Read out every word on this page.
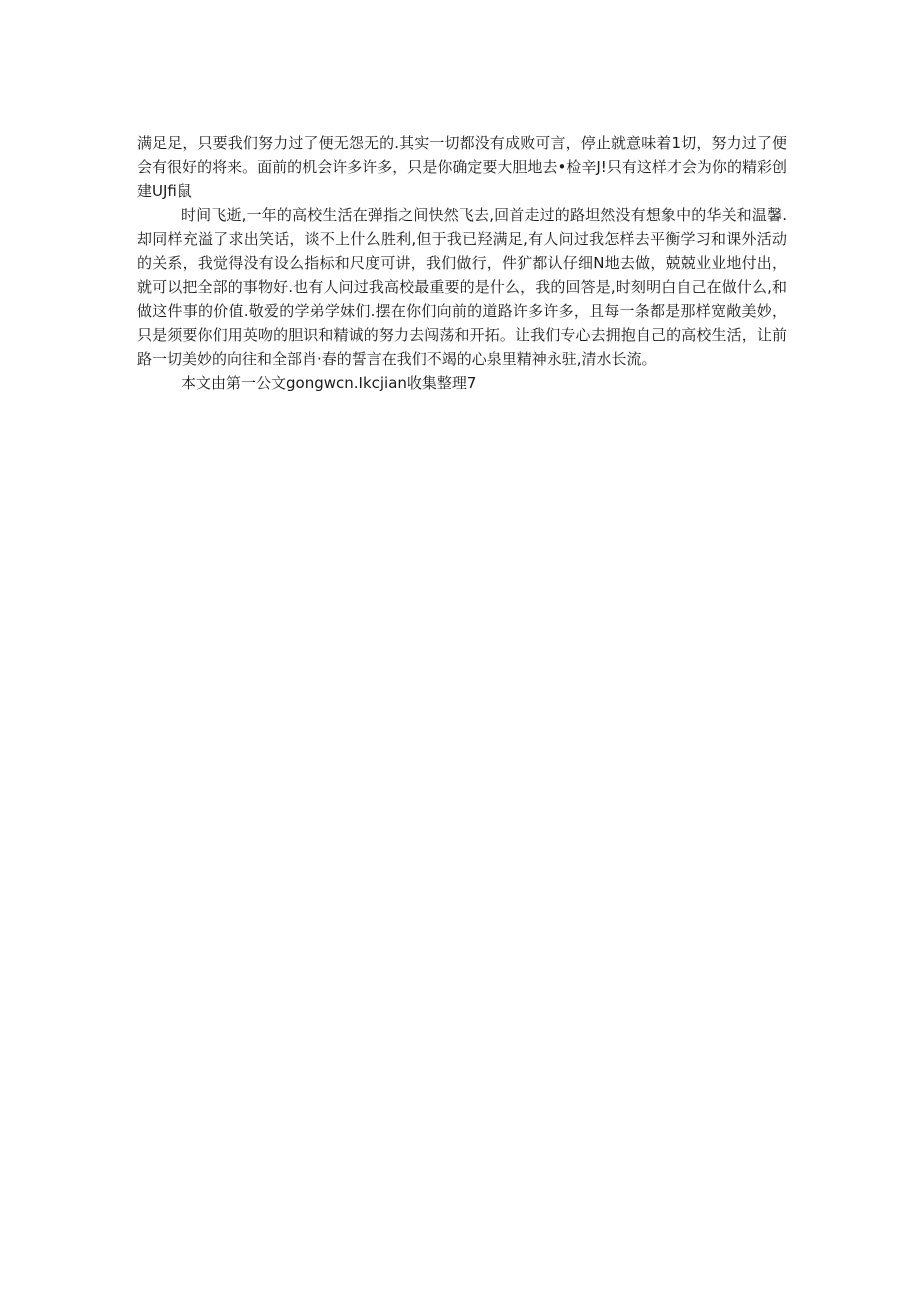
满足足，只要我们努力过了便无怨无的.其实一切都没有成败可言，停止就意味着1切，努力过了便会有很好的将来。面前的机会许多许多，只是你确定要大胆地去•检辛J!只有这样才会为你的精彩创建UJfi鼠

时间飞逝,一年的高校生活在弹指之间快然飞去,回首走过的路坦然没有想象中的华关和温馨.却同样充溢了求出笑话，谈不上什么胜利,但于我已羟满足,有人问过我怎样去平衡学习和课外活动的关系，我觉得没有设么指标和尺度可讲，我们做行，件犷都认仔细N地去做，兢兢业业地付出，就可以把全部的事物好.也有人问过我高校最重要的是什么，我的回答是,时刻明白自己在做什么,和做这件事的价值.敬爱的学弟学妹们.摆在你们向前的道路许多许多，且每一条都是那样宽敞美妙，只是须要你们用英吻的胆识和精诚的努力去闯荡和开拓。让我们专心去拥抱自己的高校生活，让前路一切美妙的向往和全部肖·春的誓言在我们不竭的心泉里精神永驻,清水长流。

本文由第一公文gongwcn.Ikcjian收集整理7
